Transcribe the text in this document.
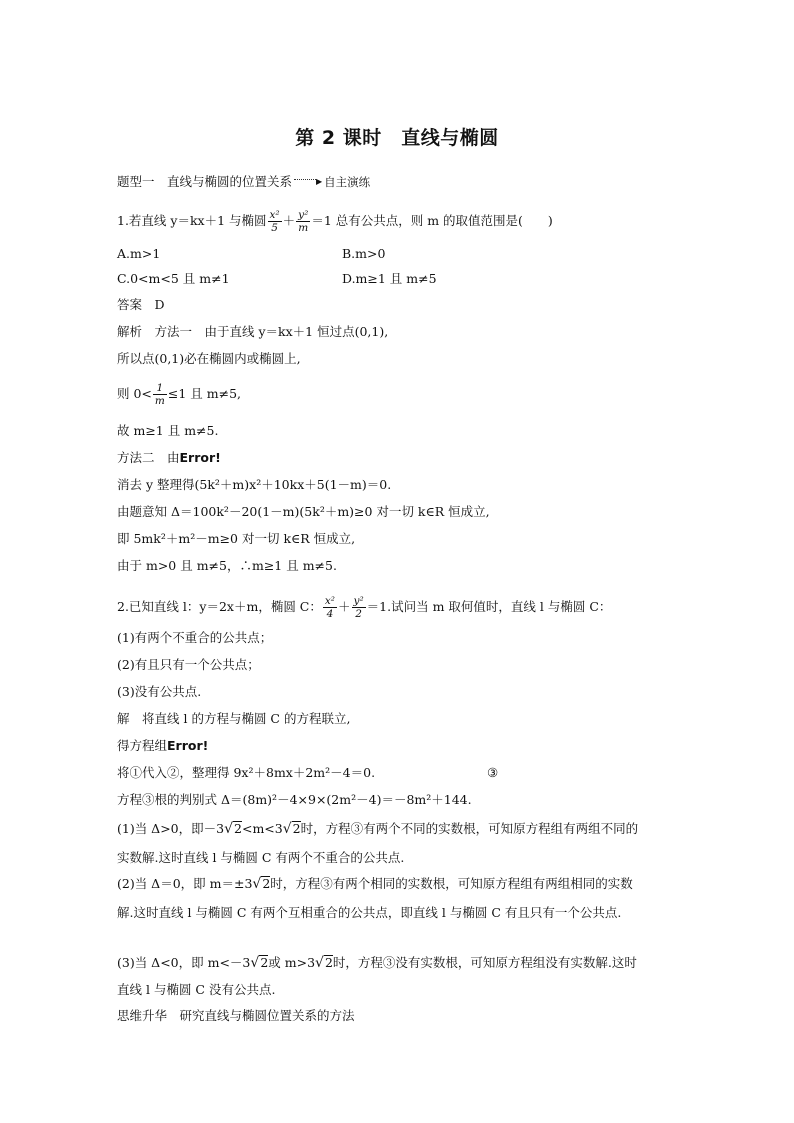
第 2 课时　直线与椭圆
题型一　直线与椭圆的位置关系	▶ 自主演练
1.若直线 y＝kx＋1 与椭圆 $\frac{\text{x²}}{5} + \frac{\text{y²}}{m} =1$ 总有公共点，则 m 的取值范围是(　　)
A.m>1	B.m>0
C.0<m<5 且 m≠1	D.m≥1 且 m≠5
答案　D
解析　方法一　由于直线 y＝kx＋1 恒过点(0,1),
所以点(0,1)必在椭圆内或椭圆上,
则 $0< \frac{1}{m} \le 1$ 且 m≠5,
故 m≥1 且 m≠5.
方法二　由Error!
消去 y 整理得(5k²＋m)x²＋10kx＋5(1－m)＝0.
由题意知 Δ＝100k²－20(1－m)(5k²＋m)≥0 对一切 k∈R 恒成立,
即 5mk²＋m²－m≥0 对一切 k∈R 恒成立,
由于 m>0 且 m≠5，∴m≥1 且 m≠5.
2.已知直线 l：y＝2x＋m，椭圆 C： $\frac{\text{x²}}{4} + \frac{\text{y²}}{2} =1$.试问当 m 取何值时，直线 l 与椭圆 C：
(1)有两个不重合的公共点；
(2)有且只有一个公共点；
(3)没有公共点.
解　将直线 l 的方程与椭圆 C 的方程联立,
得方程组Error!
将①代入②，整理得 9x²＋8mx＋2m²－4＝0.	③
方程③根的判别式 Δ＝(8m)²－4×9×(2m²－4)＝－8m²＋144.
(1)当 Δ>0，即－3√2<m<3√2时，方程③有两个不同的实数根，可知原方程组有两组不同的
实数解.这时直线 l 与椭圆 C 有两个不重合的公共点.
(2)当 Δ＝0，即 m＝±3√2时，方程③有两个相同的实数根，可知原方程组有两组相同的实数
解.这时直线 l 与椭圆 C 有两个互相重合的公共点，即直线 l 与椭圆 C 有且只有一个公共点.
(3)当 Δ<0，即 m<－3√2或 m>3√2时，方程③没有实数根，可知原方程组没有实数解.这时
直线 l 与椭圆 C 没有公共点.
思维升华　研究直线与椭圆位置关系的方法
